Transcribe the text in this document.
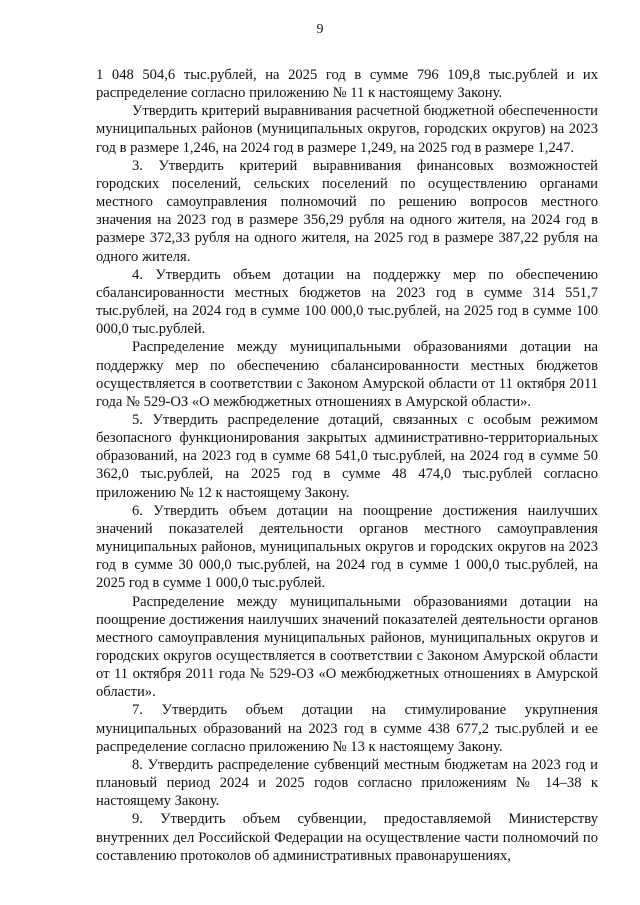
9

1 048 504,6 тыс.рублей, на 2025 год в сумме 796 109,8 тыс.рублей и их распределение согласно приложению № 11 к настоящему Закону.

Утвердить критерий выравнивания расчетной бюджетной обеспеченности муниципальных районов (муниципальных округов, городских округов) на 2023 год в размере 1,246, на 2024 год в размере 1,249, на 2025 год в размере 1,247.

3. Утвердить критерий выравнивания финансовых возможностей городских поселений, сельских поселений по осуществлению органами местного самоуправления полномочий по решению вопросов местного значения на 2023 год в размере 356,29 рубля на одного жителя, на 2024 год в размере 372,33 рубля на одного жителя, на 2025 год в размере 387,22 рубля на одного жителя.

4. Утвердить объем дотации на поддержку мер по обеспечению сбалансированности местных бюджетов на 2023 год в сумме 314 551,7 тыс.рублей, на 2024 год в сумме 100 000,0 тыс.рублей, на 2025 год в сумме 100 000,0 тыс.рублей.

Распределение между муниципальными образованиями дотации на поддержку мер по обеспечению сбалансированности местных бюджетов осуществляется в соответствии с Законом Амурской области от 11 октября 2011 года № 529-ОЗ «О межбюджетных отношениях в Амурской области».

5. Утвердить распределение дотаций, связанных с особым режимом безопасного функционирования закрытых административно-территориальных образований, на 2023 год в сумме 68 541,0 тыс.рублей, на 2024 год в сумме 50 362,0 тыс.рублей, на 2025 год в сумме 48 474,0 тыс.рублей согласно приложению № 12 к настоящему Закону.

6. Утвердить объем дотации на поощрение достижения наилучших значений показателей деятельности органов местного самоуправления муниципальных районов, муниципальных округов и городских округов на 2023 год в сумме 30 000,0 тыс.рублей, на 2024 год в сумме 1 000,0 тыс.рублей, на 2025 год в сумме 1 000,0 тыс.рублей.

Распределение между муниципальными образованиями дотации на поощрение достижения наилучших значений показателей деятельности органов местного самоуправления муниципальных районов, муниципальных округов и городских округов осуществляется в соответствии с Законом Амурской области от 11 октября 2011 года № 529-ОЗ «О межбюджетных отношениях в Амурской области».

7. Утвердить объем дотации на стимулирование укрупнения муниципальных образований на 2023 год в сумме 438 677,2 тыс.рублей и ее распределение согласно приложению № 13 к настоящему Закону.

8. Утвердить распределение субвенций местным бюджетам на 2023 год и плановый период 2024 и 2025 годов согласно приложениям № 14–38 к настоящему Закону.

9. Утвердить объем субвенции, предоставляемой Министерству внутренних дел Российской Федерации на осуществление части полномочий по составлению протоколов об административных правонарушениях,
